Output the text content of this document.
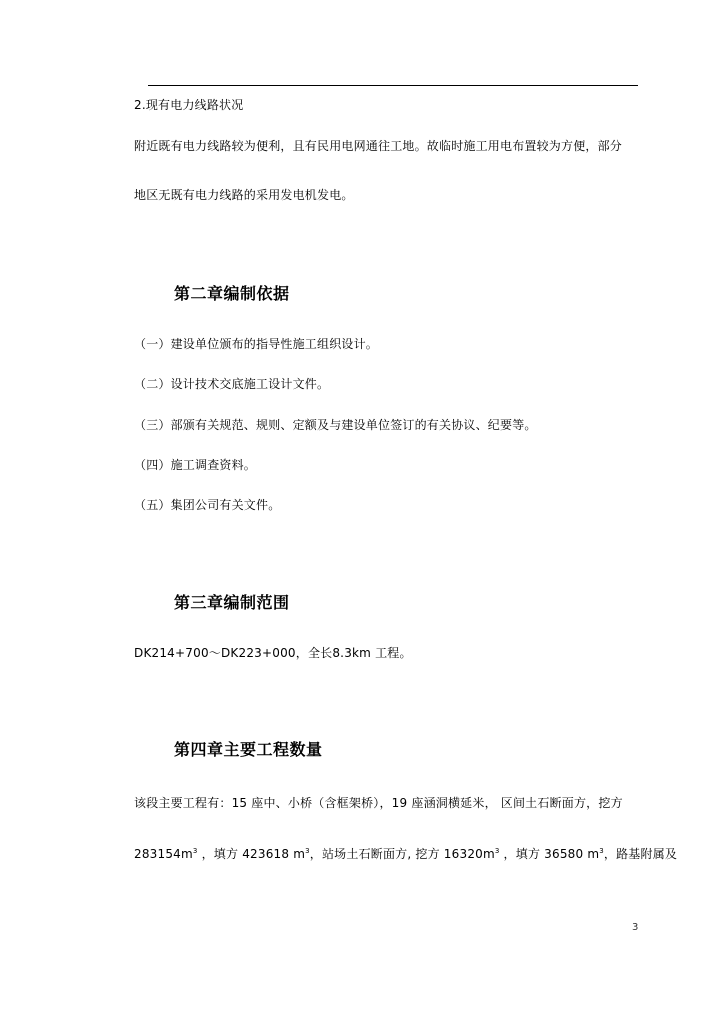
2.现有电力线路状况
附近既有电力线路较为便利，且有民用电网通往工地。故临时施工用电布置较为方便，部分
地区无既有电力线路的采用发电机发电。
第二章编制依据
（一）建设单位颁布的指导性施工组织设计。
（二）设计技术交底施工设计文件。
（三）部颁有关规范、规则、定额及与建设单位签订的有关协议、纪要等。
（四）施工调查资料。
（五）集团公司有关文件。
第三章编制范围
DK214+700～DK223+000，全长8.3km 工程。
第四章主要工程数量
该段主要工程有：15 座中、小桥（含框架桥），19 座涵洞横延米， 区间土石断面方，挖方
$283154m^3$ ，填方 423618 $m^3$，站场土石断面方, 挖方 $16320m^3$ ，填方 36580 $m^3$，路基附属及
3
